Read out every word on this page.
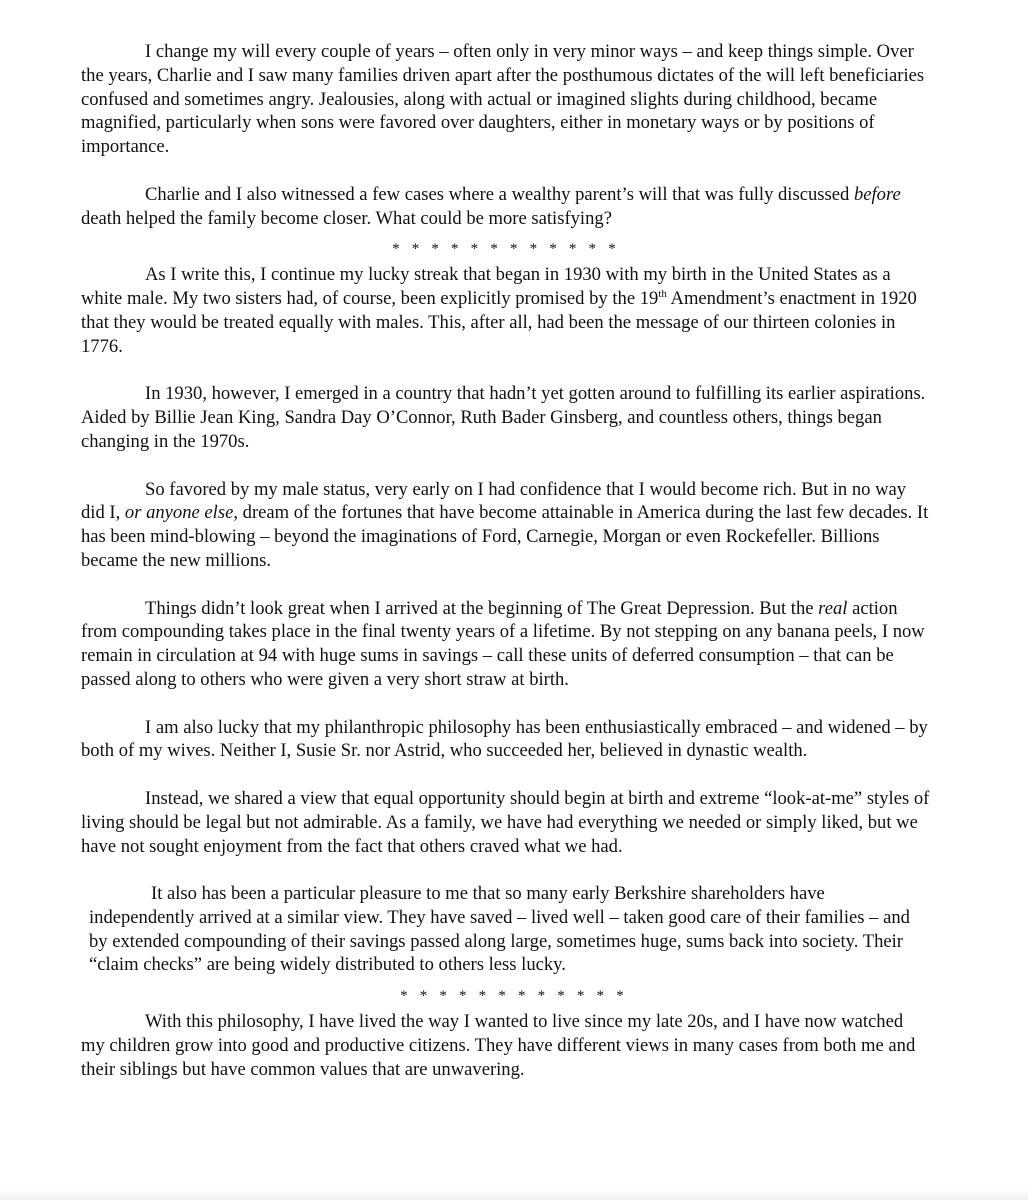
I change my will every couple of years – often only in very minor ways – and keep things simple. Over the years, Charlie and I saw many families driven apart after the posthumous dictates of the will left beneficiaries confused and sometimes angry. Jealousies, along with actual or imagined slights during childhood, became magnified, particularly when sons were favored over daughters, either in monetary ways or by positions of importance.

Charlie and I also witnessed a few cases where a wealthy parent’s will that was fully discussed before death helped the family become closer. What could be more satisfying?

* * * * * * * * * * * *

As I write this, I continue my lucky streak that began in 1930 with my birth in the United States as a white male. My two sisters had, of course, been explicitly promised by the 19th Amendment’s enactment in 1920 that they would be treated equally with males. This, after all, had been the message of our thirteen colonies in 1776.

In 1930, however, I emerged in a country that hadn’t yet gotten around to fulfilling its earlier aspirations. Aided by Billie Jean King, Sandra Day O’Connor, Ruth Bader Ginsberg, and countless others, things began changing in the 1970s.

So favored by my male status, very early on I had confidence that I would become rich. But in no way did I, or anyone else, dream of the fortunes that have become attainable in America during the last few decades. It has been mind-blowing – beyond the imaginations of Ford, Carnegie, Morgan or even Rockefeller. Billions became the new millions.

Things didn’t look great when I arrived at the beginning of The Great Depression. But the real action from compounding takes place in the final twenty years of a lifetime. By not stepping on any banana peels, I now remain in circulation at 94 with huge sums in savings – call these units of deferred consumption – that can be passed along to others who were given a very short straw at birth.

I am also lucky that my philanthropic philosophy has been enthusiastically embraced – and widened – by both of my wives. Neither I, Susie Sr. nor Astrid, who succeeded her, believed in dynastic wealth.

Instead, we shared a view that equal opportunity should begin at birth and extreme “look-at-me” styles of living should be legal but not admirable. As a family, we have had everything we needed or simply liked, but we have not sought enjoyment from the fact that others craved what we had.

It also has been a particular pleasure to me that so many early Berkshire shareholders have independently arrived at a similar view. They have saved – lived well – taken good care of their families – and by extended compounding of their savings passed along large, sometimes huge, sums back into society. Their “claim checks” are being widely distributed to others less lucky.

* * * * * * * * * * * *

With this philosophy, I have lived the way I wanted to live since my late 20s, and I have now watched my children grow into good and productive citizens. They have different views in many cases from both me and their siblings but have common values that are unwavering.
